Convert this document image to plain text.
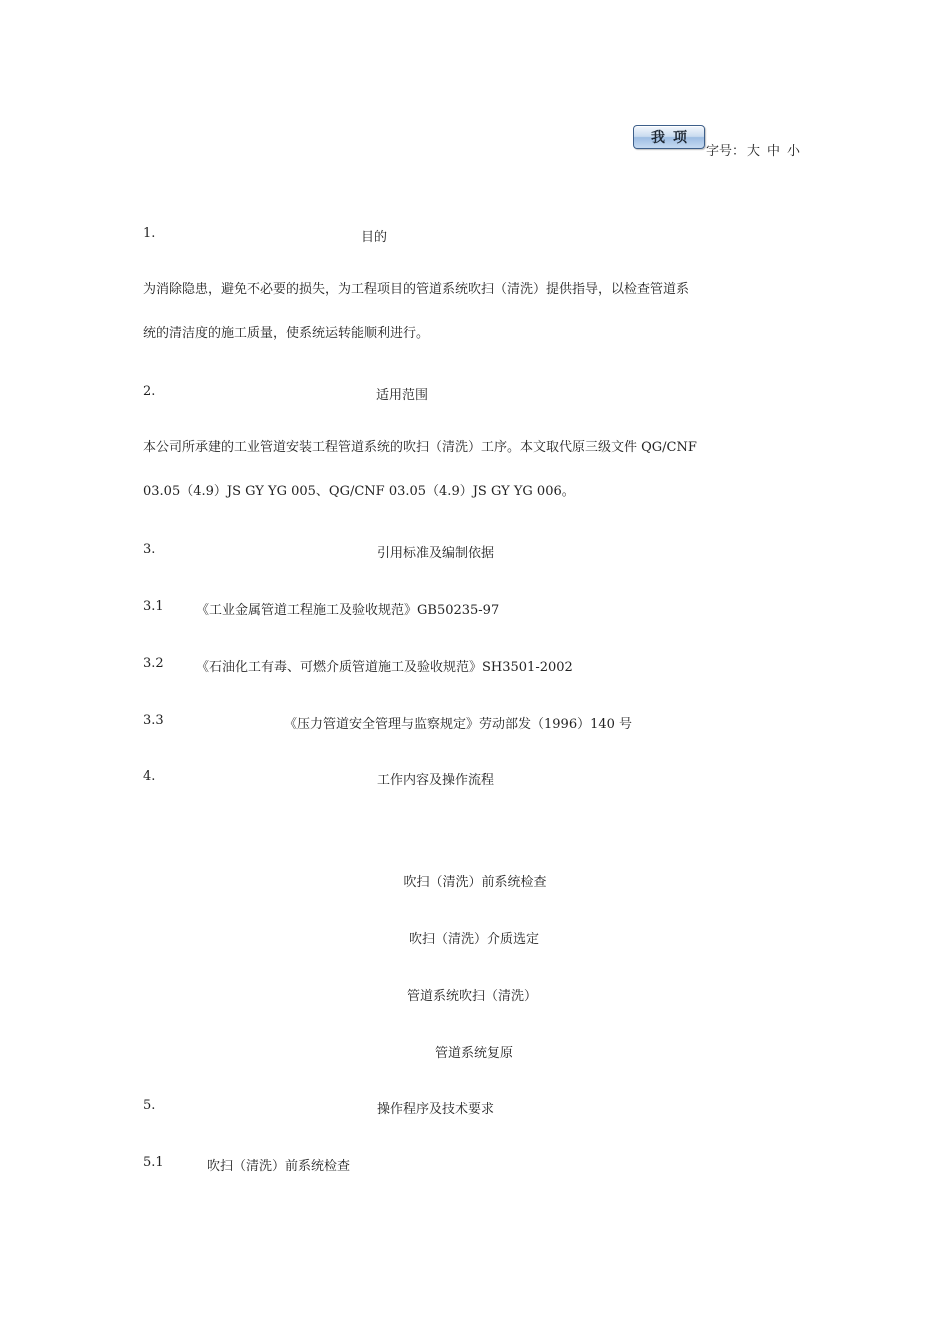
我 项
字号： 大 中 小
1.	目的
为消除隐患，避免不必要的损失，为工程项目的管道系统吹扫（清洗）提供指导，以检查管道系
统的清洁度的施工质量，使系统运转能顺利进行。
2.	适用范围
本公司所承建的工业管道安装工程管道系统的吹扫（清洗）工序。本文取代原三级文件 QG/CNF
03.05（4.9）JS GY YG 005、QG/CNF 03.05（4.9）JS GY YG 006。
3.	引用标准及编制依据
3.1 《工业金属管道工程施工及验收规范》GB50235-97
3.2 《石油化工有毒、可燃介质管道施工及验收规范》SH3501-2002
3.3	《压力管道安全管理与监察规定》劳动部发（1996）140 号
4.	工作内容及操作流程
吹扫（清洗）前系统检查
吹扫（清洗）介质选定
管道系统吹扫（清洗）
管道系统复原
5.	操作程序及技术要求
5.1	吹扫（清洗）前系统检查
